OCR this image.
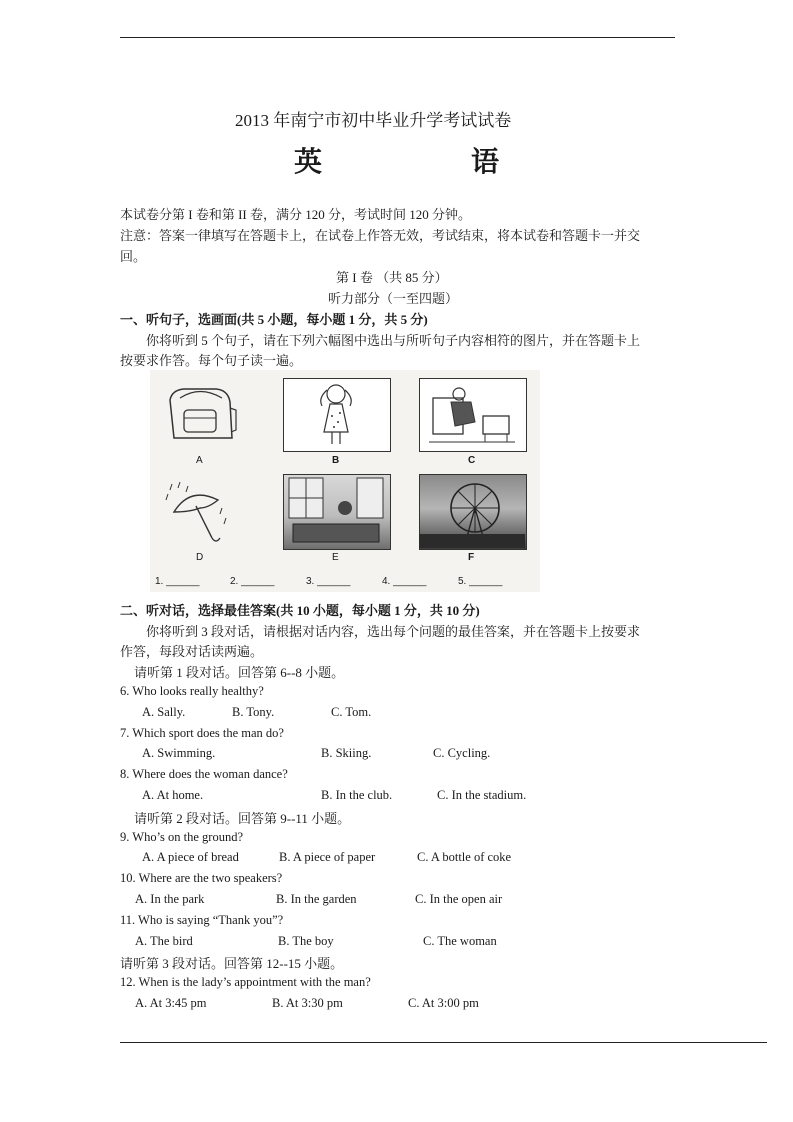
2013 年南宁市初中毕业升学考试试卷
英	语
本试卷分第 I 卷和第 II 卷，满分 120 分，考试时间 120 分钟。
注意：答案一律填写在答题卡上，在试卷上作答无效，考试结束，将本试卷和答题卡一并交
回。
第 I 卷 （共 85 分）
听力部分（一至四题）
一、听句子，选画面(共 5 小题，每小题 1 分，共 5 分)
你将听到 5 个句子，请在下列六幅图中选出与所听句子内容相符的图片，并在答题卡上
按要求作答。每个句子读一遍。
A	B	C
D	E	F
1. ______	2. ______	3. ______	4. ______	5. ______
二、听对话，选择最佳答案(共 10 小题，每小题 1 分，共 10 分)
你将听到 3 段对话，请根据对话内容，选出每个问题的最佳答案，并在答题卡上按要求
作答，每段对话读两遍。
请听第 1 段对话。回答第 6--8 小题。
6. Who looks really healthy?
A. Sally.	B. Tony.	C. Tom.
7. Which sport does the man do?
A. Swimming.	B. Skiing.	C. Cycling.
8. Where does the woman dance?
A. At home.	B. In the club.	C. In the stadium.
请听第 2 段对话。回答第 9--11 小题。
9. Who’s on the ground?
A. A piece of bread	B. A piece of paper	C. A bottle of coke
10. Where are the two speakers?
A. In the park	B. In the garden	C. In the open air
11. Who is saying “Thank you”?
A. The bird	B. The boy	C. The woman
请听第 3 段对话。回答第 12--15 小题。
12. When is the lady’s appointment with the man?
A. At 3:45 pm	B. At 3:30 pm	C. At 3:00 pm
